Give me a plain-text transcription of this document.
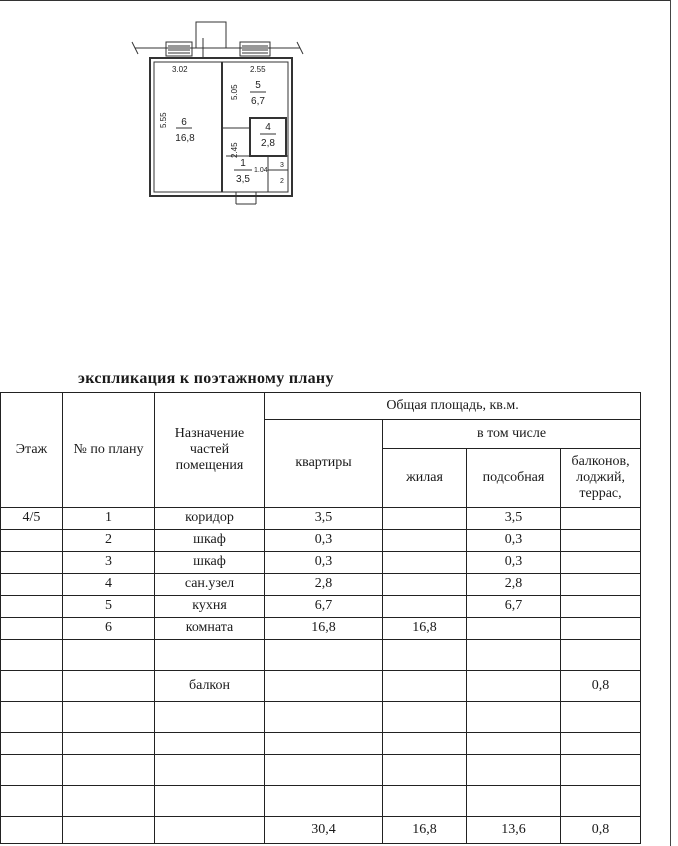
3.02	2.55
5.55
5.05
2.45
1.04
6
16,8
5
6,7
4
2,8
1
3,5
3
2
экспликация к поэтажному плану
Этаж	№ по плану	Назначение частей помещения	Общая площадь, кв.м.			
			квартиры	в том числе		
				жилая	подсобная	балконов, лоджий, террас,
4/5	1	коридор	3,5		3,5	
	2	шкаф	0,3		0,3	
	3	шкаф	0,3		0,3	
	4	сан.узел	2,8		2,8	
	5	кухня	6,7		6,7	
	6	комната	16,8	16,8		

		балкон				0,8

			30,4	16,8	13,6	0,8
